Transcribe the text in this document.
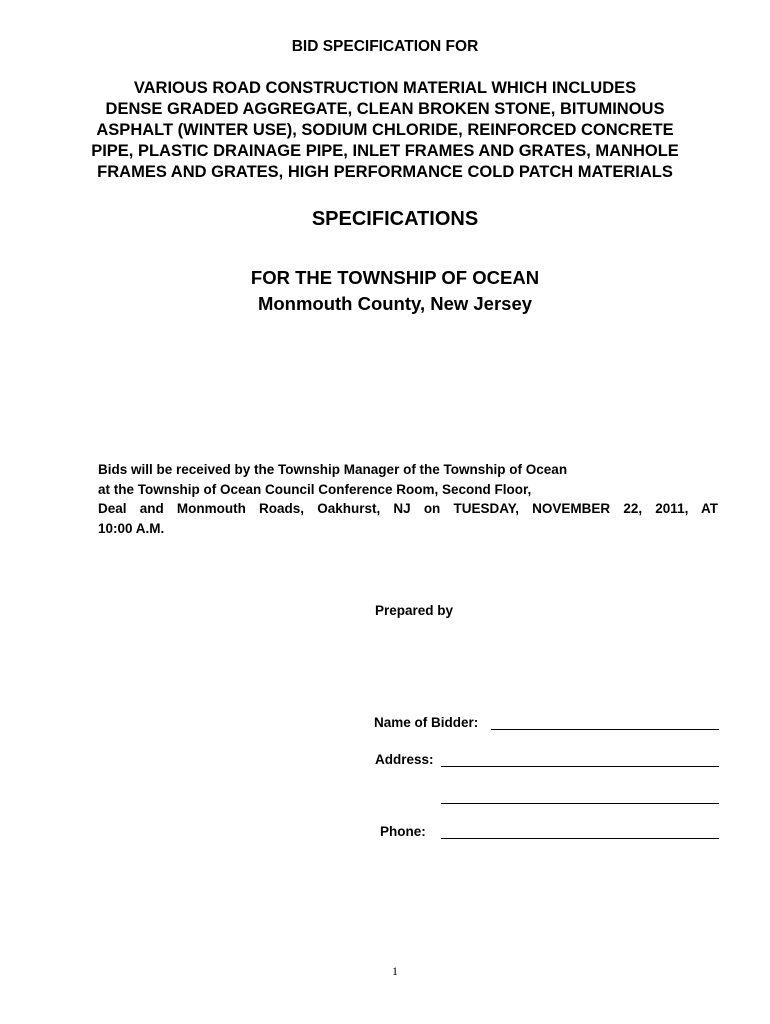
BID SPECIFICATION FOR
VARIOUS ROAD CONSTRUCTION MATERIAL WHICH INCLUDES
DENSE GRADED AGGREGATE, CLEAN BROKEN STONE, BITUMINOUS
ASPHALT (WINTER USE), SODIUM CHLORIDE, REINFORCED CONCRETE
PIPE, PLASTIC DRAINAGE PIPE, INLET FRAMES AND GRATES, MANHOLE
FRAMES AND GRATES, HIGH PERFORMANCE COLD PATCH MATERIALS
SPECIFICATIONS
FOR THE TOWNSHIP OF OCEAN
Monmouth County, New Jersey
Bids will be received by the Township Manager of the Township of Ocean
at the Township of Ocean Council Conference Room, Second Floor,
Deal and Monmouth Roads, Oakhurst, NJ on TUESDAY, NOVEMBER 22, 2011, AT
10:00 A.M.
Prepared by
Name of Bidder:
Address:
Phone:
1
